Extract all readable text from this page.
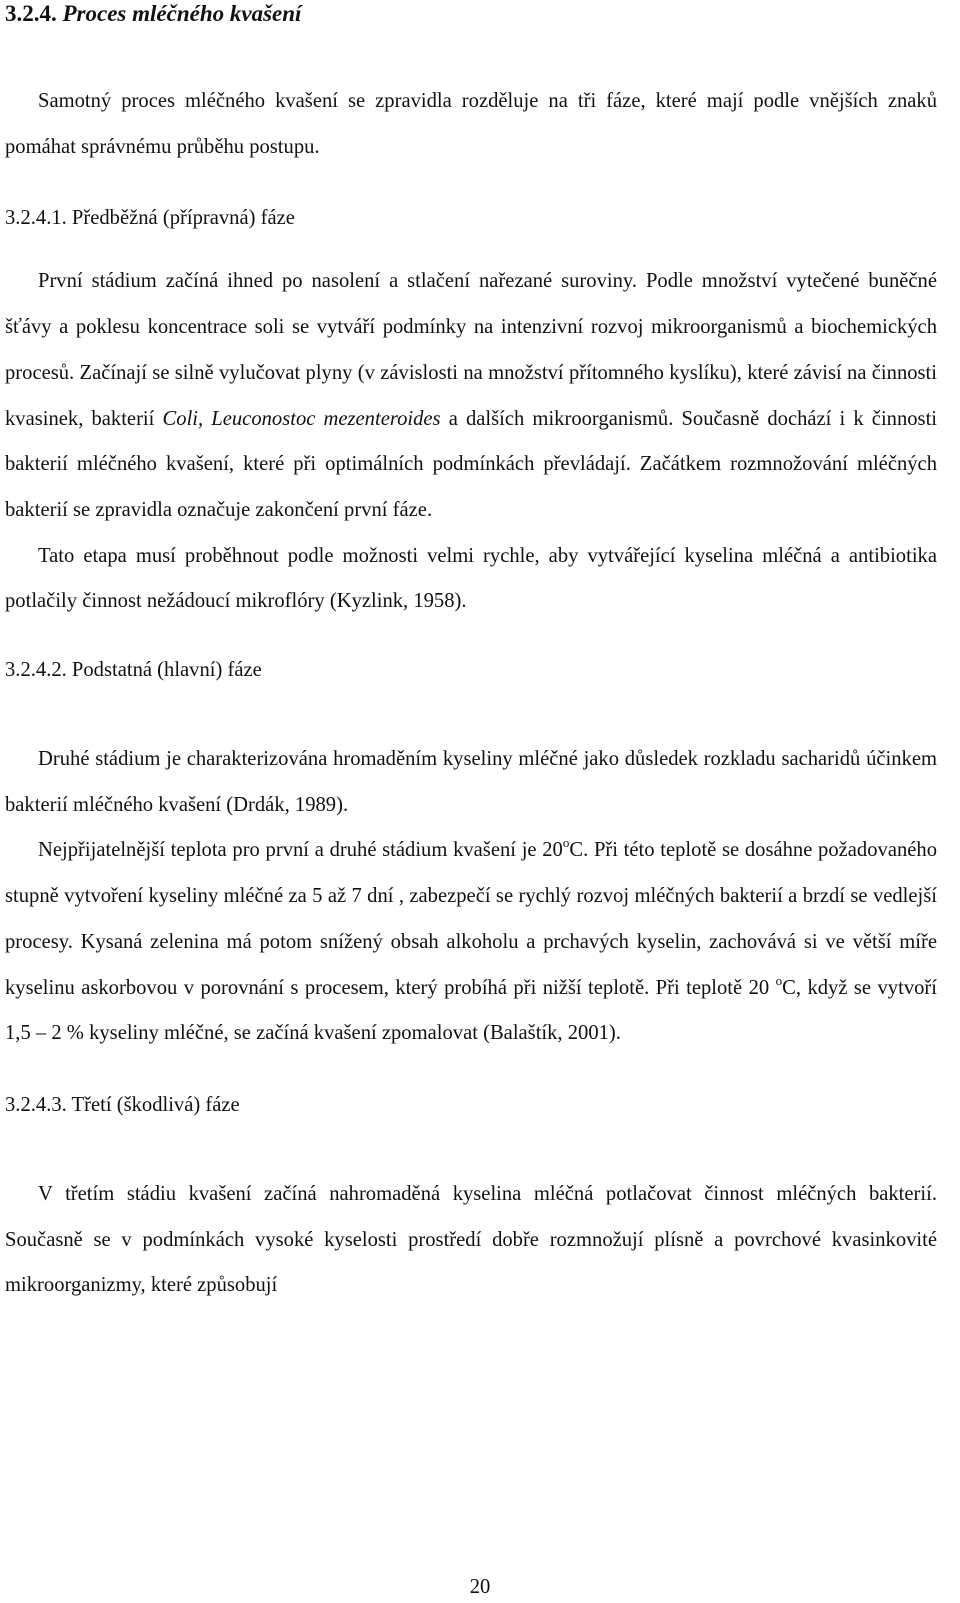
3.2.4. Proces mléčného kvašení

Samotný proces mléčného kvašení se zpravidla rozděluje na tři fáze, které mají podle vnějších znaků pomáhat správnému průběhu postupu.

3.2.4.1. Předběžná (přípravná) fáze

První stádium začíná ihned po nasolení a stlačení nařezané suroviny. Podle množství vytečené buněčné šťávy a poklesu koncentrace soli se vytváří podmínky na intenzivní rozvoj mikroorganismů a biochemických procesů. Začínají se silně vylučovat plyny (v závislosti na množství přítomného kyslíku), které závisí na činnosti kvasinek, bakterií Coli, Leuconostoc mezenteroides a dalších mikroorganismů. Současně dochází i k činnosti bakterií mléčného kvašení, které při optimálních podmínkách převládají. Začátkem rozmnožování mléčných bakterií se zpravidla označuje zakončení první fáze.

Tato etapa musí proběhnout podle možnosti velmi rychle, aby vytvářející kyselina mléčná a antibiotika potlačily činnost nežádoucí mikroflóry (Kyzlink, 1958).

3.2.4.2. Podstatná (hlavní) fáze

Druhé stádium je charakterizována hromaděním kyseliny mléčné jako důsledek rozkladu sacharidů účinkem bakterií mléčného kvašení (Drdák, 1989).

Nejpřijatelnější teplota pro první a druhé stádium kvašení je 20$^o$C. Při této teplotě se dosáhne požadovaného stupně vytvoření kyseliny mléčné za 5 až 7 dní , zabezpečí se rychlý rozvoj mléčných bakterií a brzdí se vedlejší procesy. Kysaná zelenina má potom snížený obsah alkoholu a prchavých kyselin, zachovává si ve větší míře kyselinu askorbovou v porovnání s procesem, který probíhá při nižší teplotě. Při teplotě 20 $^o$C, když se vytvoří 1,5 – 2 % kyseliny mléčné, se začíná kvašení zpomalovat (Balaštík, 2001).

3.2.4.3. Třetí (škodlivá) fáze

V třetím stádiu kvašení začíná nahromaděná kyselina mléčná potlačovat činnost mléčných bakterií. Současně se v podmínkách vysoké kyselosti prostředí dobře rozmnožují plísně a povrchové kvasinkovité mikroorganizmy, které způsobují

20
